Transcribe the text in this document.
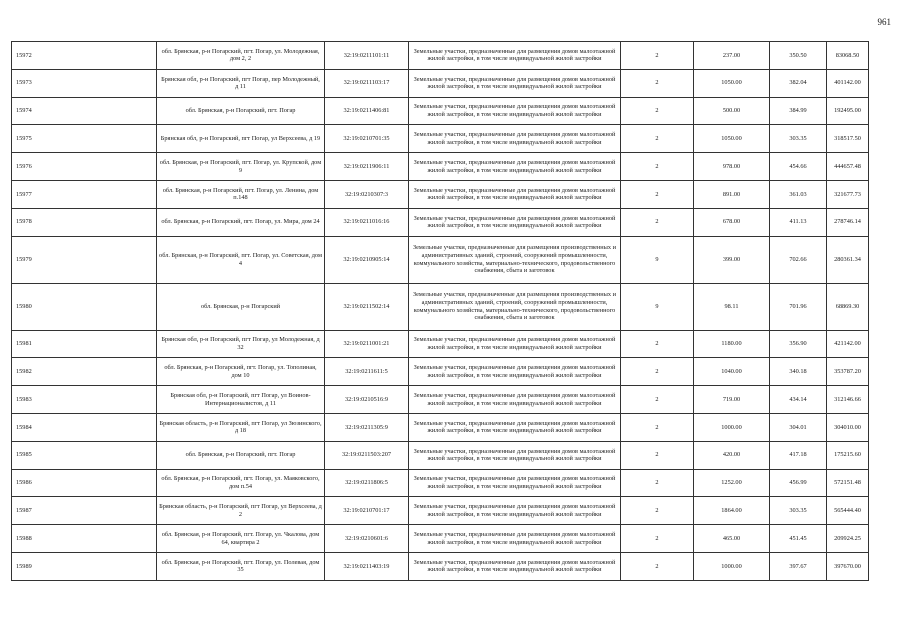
961
15972	обл. Брянская, р-н Погарский, пгт. Погар, ул. Молодежная, дом 2, 2	32:19:0211101:11	Земельные участки, предназначенные для размещения домов малоэтажной жилой застройки, в том числе индивидуальной жилой застройки	2	237.00	350.50	83068.50
15973	Брянская обл, р-н Погарский, пгт Погар, пер Молодежный, д 11	32:19:0211103:17	Земельные участки, предназначенные для размещения домов малоэтажной жилой застройки, в том числе индивидуальной жилой застройки	2	1050.00	382.04	401142.00
15974	обл. Брянская, р-н Погарский, пгт. Погар	32:19:0211406:81	Земельные участки, предназначенные для размещения домов малоэтажной жилой застройки, в том числе индивидуальной жилой застройки	2	500.00	384.99	192495.00
15975	Брянская обл, р-н Погарский, пгт Погар, ул Верхсеева, д 19	32:19:0210701:35	Земельные участки, предназначенные для размещения домов малоэтажной жилой застройки, в том числе индивидуальной жилой застройки	2	1050.00	303.35	318517.50
15976	обл. Брянская, р-н Погарский, пгт. Погар, ул. Крупской, дом 9	32:19:0211906:11	Земельные участки, предназначенные для размещения домов малоэтажной жилой застройки, в том числе индивидуальной жилой застройки	2	978.00	454.66	444657.48
15977	обл. Брянская, р-н Погарский, пгт. Погар, ул. Ленина, дом п.148	32:19:0210307:3	Земельные участки, предназначенные для размещения домов малоэтажной жилой застройки, в том числе индивидуальной жилой застройки	2	891.00	361.03	321677.73
15978	обл. Брянская, р-н Погарский, пгт. Погар, ул. Мира, дом 24	32:19:0211016:16	Земельные участки, предназначенные для размещения домов малоэтажной жилой застройки, в том числе индивидуальной жилой застройки	2	678.00	411.13	278746.14
15979	обл. Брянская, р-н Погарский, пгт. Погар, ул. Советская, дом 4	32:19:0210905:14	Земельные участки, предназначенные для размещения производственных и административных зданий, строений, сооружений промышленности, коммунального хозяйства, материально-технического, продовольственного снабжения, сбыта и заготовок	9	399.00	702.66	280361.34
15980	обл. Брянская, р-н Погарский	32:19:0211502:14	Земельные участки, предназначенные для размещения производственных и административных зданий, строений, сооружений промышленности, коммунального хозяйства, материально-технического, продовольственного снабжения, сбыта и заготовок	9	98.11	701.96	68869.30
15981	Брянская обл, р-н Погарский, пгт Погар, ул Молодежная, д 32	32:19:0211001:21	Земельные участки, предназначенные для размещения домов малоэтажной жилой застройки, в том числе индивидуальной жилой застройки	2	1180.00	356.90	421142.00
15982	обл. Брянская, р-н Погарский, пгт. Погар, ул. Тополиная, дом 10	32:19:0211611:5	Земельные участки, предназначенные для размещения домов малоэтажной жилой застройки, в том числе индивидуальной жилой застройки	2	1040.00	340.18	353787.20
15983	Брянская обл, р-н Погарский, пгт Погар, ул Воинов-Интернационалистов, д 11	32:19:0210516:9	Земельные участки, предназначенные для размещения домов малоэтажной жилой застройки, в том числе индивидуальной жилой застройки	2	719.00	434.14	312146.66
15984	Брянская область, р-н Погарский, пгт Погар, ул Зюзинского, д 18	32:19:0211305:9	Земельные участки, предназначенные для размещения домов малоэтажной жилой застройки, в том числе индивидуальной жилой застройки	2	1000.00	304.01	304010.00
15985	обл. Брянская, р-н Погарский, пгт. Погар	32:19:0211503:207	Земельные участки, предназначенные для размещения домов малоэтажной жилой застройки, в том числе индивидуальной жилой застройки	2	420.00	417.18	175215.60
15986	обл. Брянская, р-н Погарский, пгт. Погар, ул. Маяковского, дом п.54	32:19:0211806:5	Земельные участки, предназначенные для размещения домов малоэтажной жилой застройки, в том числе индивидуальной жилой застройки	2	1252.00	456.99	572151.48
15987	Брянская область, р-н Погарский, пгт Погар, ул Верхсеева, д 2	32:19:0210701:17	Земельные участки, предназначенные для размещения домов малоэтажной жилой застройки, в том числе индивидуальной жилой застройки	2	1864.00	303.35	565444.40
15988	обл. Брянская, р-н Погарский, пгт. Погар, ул. Чкалова, дом 64, квартира 2	32:19:0210601:6	Земельные участки, предназначенные для размещения домов малоэтажной жилой застройки, в том числе индивидуальной жилой застройки	2	465.00	451.45	209924.25
15989	обл. Брянская, р-н Погарский, пгт. Погар, ул. Полевая, дом 35	32:19:0211403:19	Земельные участки, предназначенные для размещения домов малоэтажной жилой застройки, в том числе индивидуальной жилой застройки	2	1000.00	397.67	397670.00
